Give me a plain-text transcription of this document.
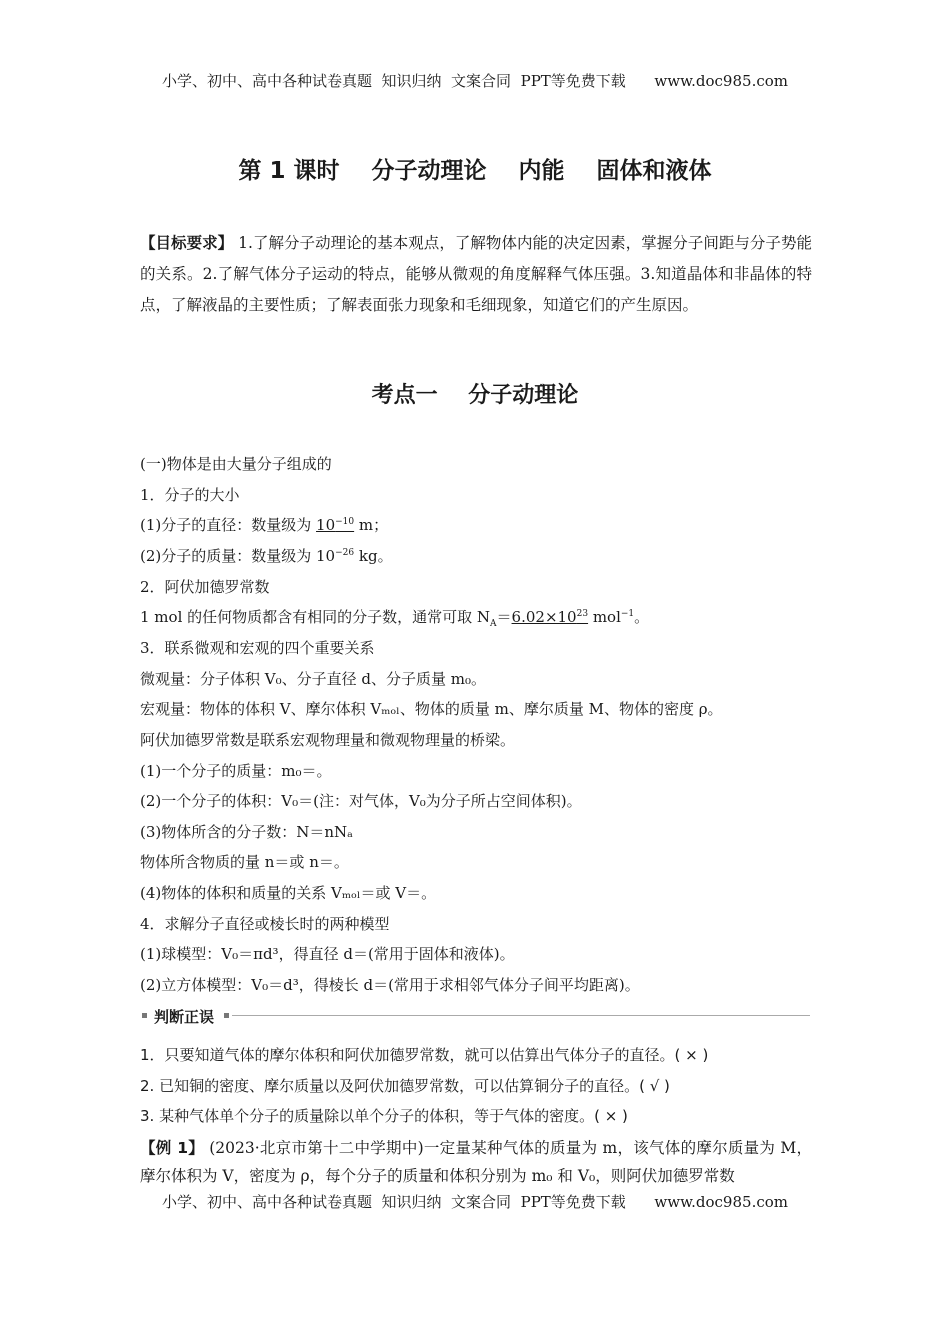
小学、初中、高中各种试卷真题  知识归纳  文案合同  PPT等免费下载      www.doc985.com
第 1 课时    分子动理论    内能    固体和液体
【目标要求】 1.了解分子动理论的基本观点，了解物体内能的决定因素，掌握分子间距与分子势能的关系。2.了解气体分子运动的特点，能够从微观的角度解释气体压强。3.知道晶体和非晶体的特点，了解液晶的主要性质；了解表面张力现象和毛细现象，知道它们的产生原因。
考点一    分子动理论
(一)物体是由大量分子组成的
1．分子的大小
(1)分子的直径：数量级为 $10^{-10}$ m；
(2)分子的质量：数量级为 $10^{-26}$ kg。
2．阿伏加德罗常数
1 mol 的任何物质都含有相同的分子数，通常可取 $N_A=6.02\times 10^{23}$ mol$^{-1}$。
3．联系微观和宏观的四个重要关系
微观量：分子体积 V₀、分子直径 d、分子质量 m₀。
宏观量：物体的体积 V、摩尔体积 Vₘₒₗ、物体的质量 m、摩尔质量 M、物体的密度 ρ。
阿伏加德罗常数是联系宏观物理量和微观物理量的桥梁。
(1)一个分子的质量：m₀＝。
(2)一个分子的体积：V₀＝(注：对气体，V₀为分子所占空间体积)。
(3)物体所含的分子数：N＝nNₐ
物体所含物质的量 n＝或 n＝。
(4)物体的体积和质量的关系 Vₘₒₗ＝或 V＝。
4．求解分子直径或棱长时的两种模型
(1)球模型：V₀＝πd³，得直径 d＝(常用于固体和液体)。
(2)立方体模型：V₀＝d³，得棱长 d＝(常用于求相邻气体分子间平均距离)。
判断正误
1．只要知道气体的摩尔体积和阿伏加德罗常数，就可以估算出气体分子的直径。( × )
2. 已知铜的密度、摩尔质量以及阿伏加德罗常数，可以估算铜分子的直径。( √ )
3. 某种气体单个分子的质量除以单个分子的体积，等于气体的密度。( × )
【例 1】 (2023·北京市第十二中学期中)一定量某种气体的质量为 m，该气体的摩尔质量为 M，摩尔体积为 V，密度为 ρ，每个分子的质量和体积分别为 m₀ 和 V₀，则阿伏加德罗常数
小学、初中、高中各种试卷真题  知识归纳  文案合同  PPT等免费下载      www.doc985.com
